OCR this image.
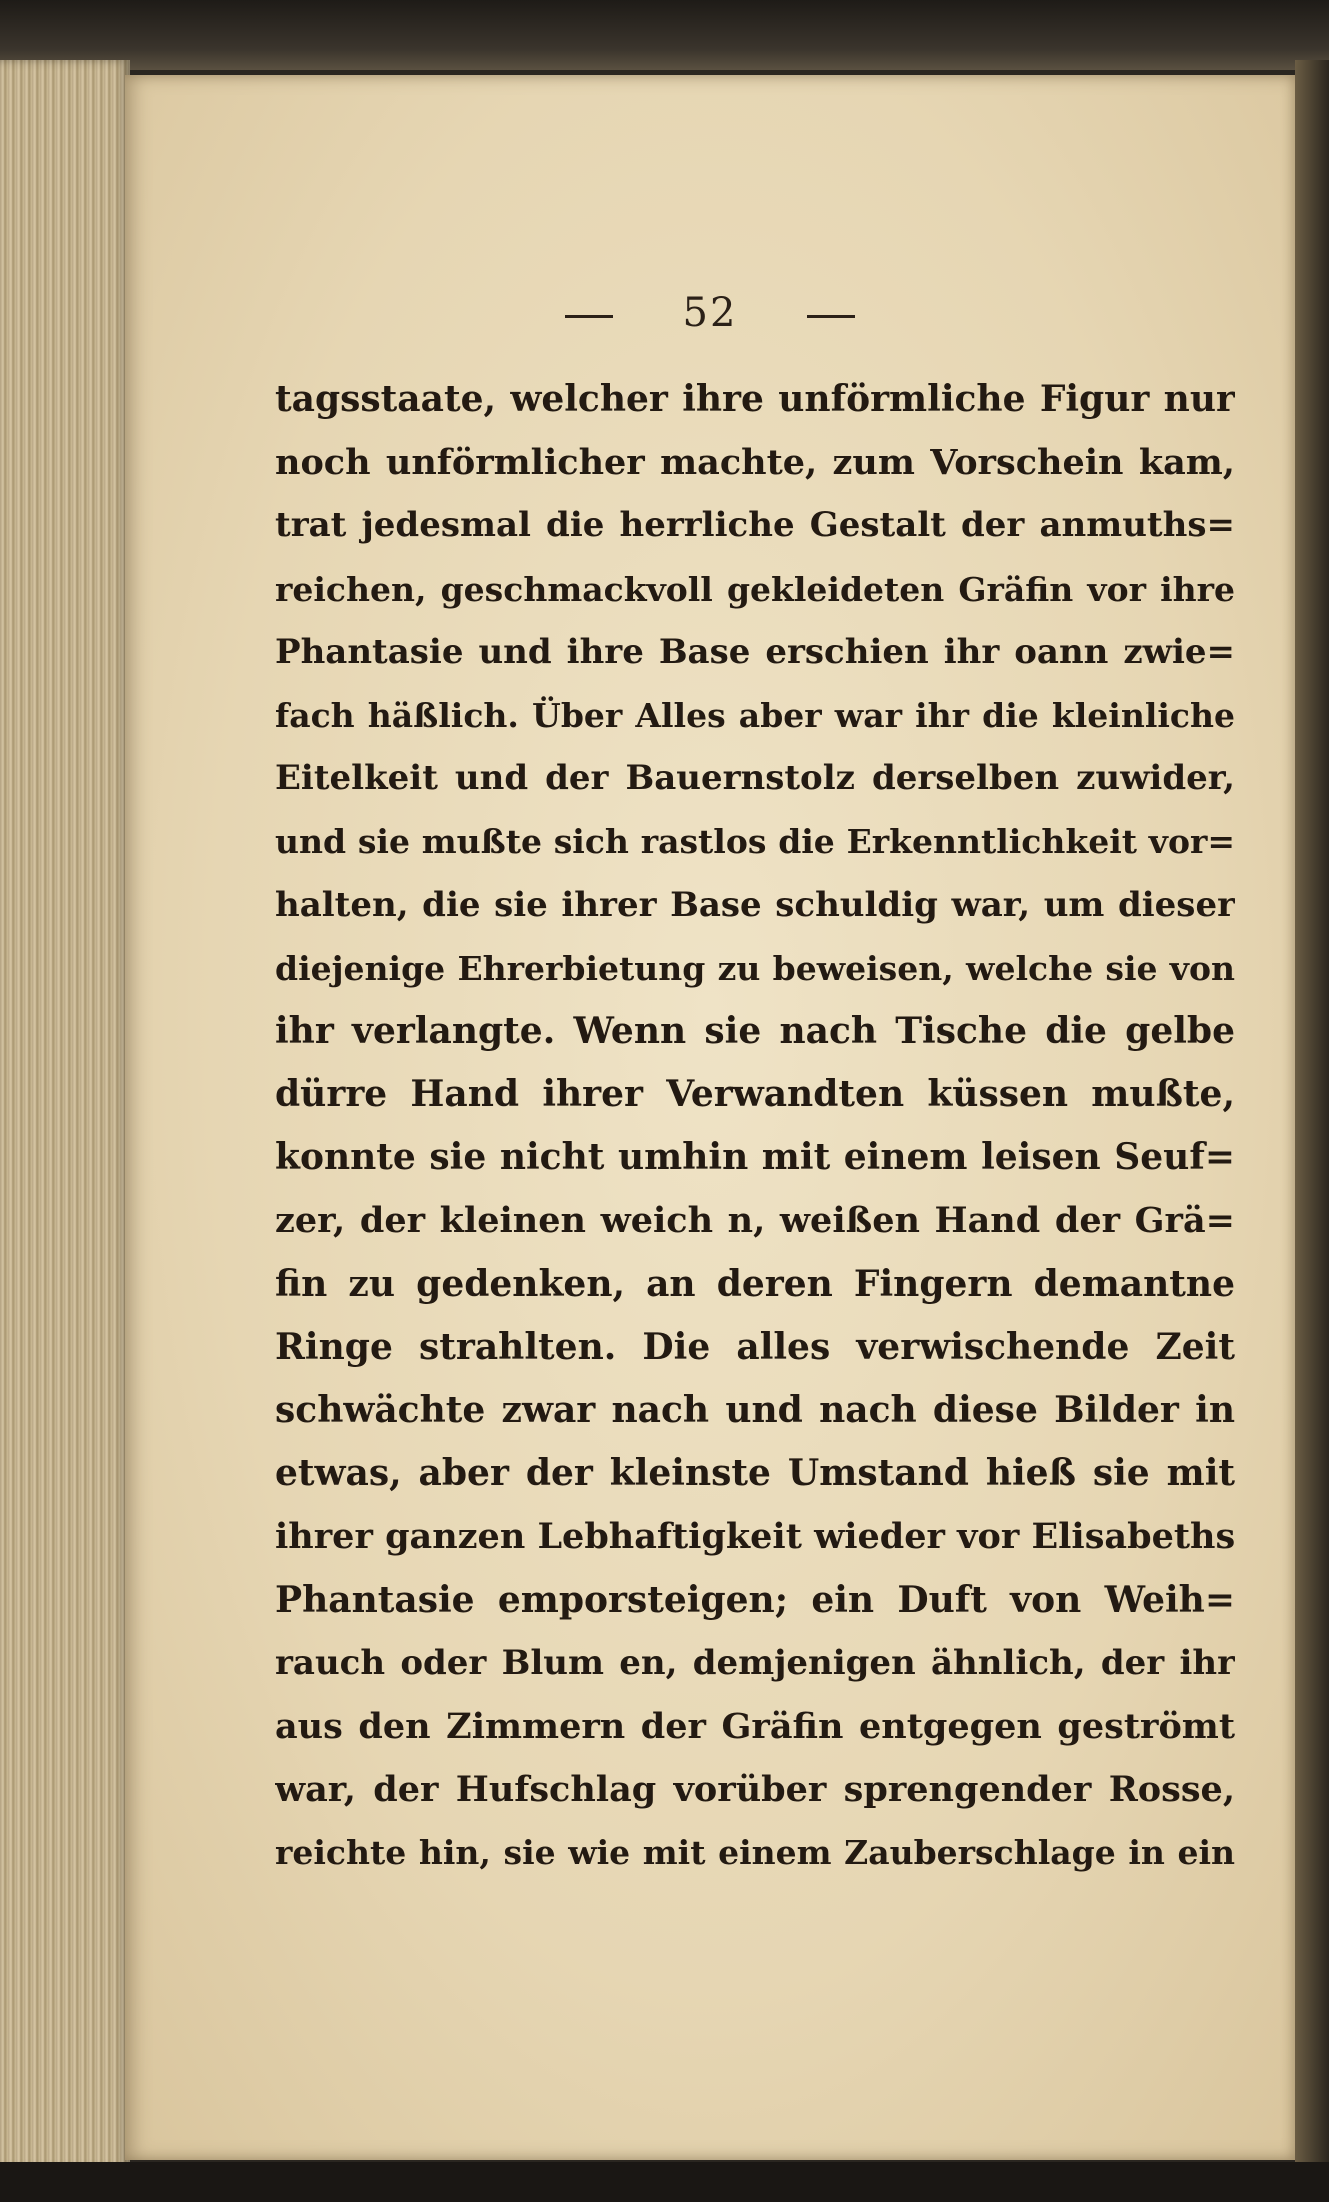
52
tagsstaate, welcher ihre unförmliche Figur nur
noch unförmlicher machte, zum Vorschein kam,
trat jedesmal die herrliche Gestalt der anmuths=
reichen, geschmackvoll gekleideten Gräfin vor ihre
Phantasie und ihre Base erschien ihr oann zwie=
fach häßlich. Über Alles aber war ihr die kleinliche
Eitelkeit und der Bauernstolz derselben zuwider,
und sie mußte sich rastlos die Erkenntlichkeit vor=
halten, die sie ihrer Base schuldig war, um dieser
diejenige Ehrerbietung zu beweisen, welche sie von
ihr verlangte. Wenn sie nach Tische die gelbe
dürre Hand ihrer Verwandten küssen mußte,
konnte sie nicht umhin mit einem leisen Seuf=
zer, der kleinen weich n, weißen Hand der Grä=
fin zu gedenken, an deren Fingern demantne
Ringe strahlten. Die alles verwischende Zeit
schwächte zwar nach und nach diese Bilder in
etwas, aber der kleinste Umstand hieß sie mit
ihrer ganzen Lebhaftigkeit wieder vor Elisabeths
Phantasie emporsteigen; ein Duft von Weih=
rauch oder Blum en, demjenigen ähnlich, der ihr
aus den Zimmern der Gräfin entgegen geströmt
war, der Hufschlag vorüber sprengender Rosse,
reichte hin, sie wie mit einem Zauberschlage in ein
